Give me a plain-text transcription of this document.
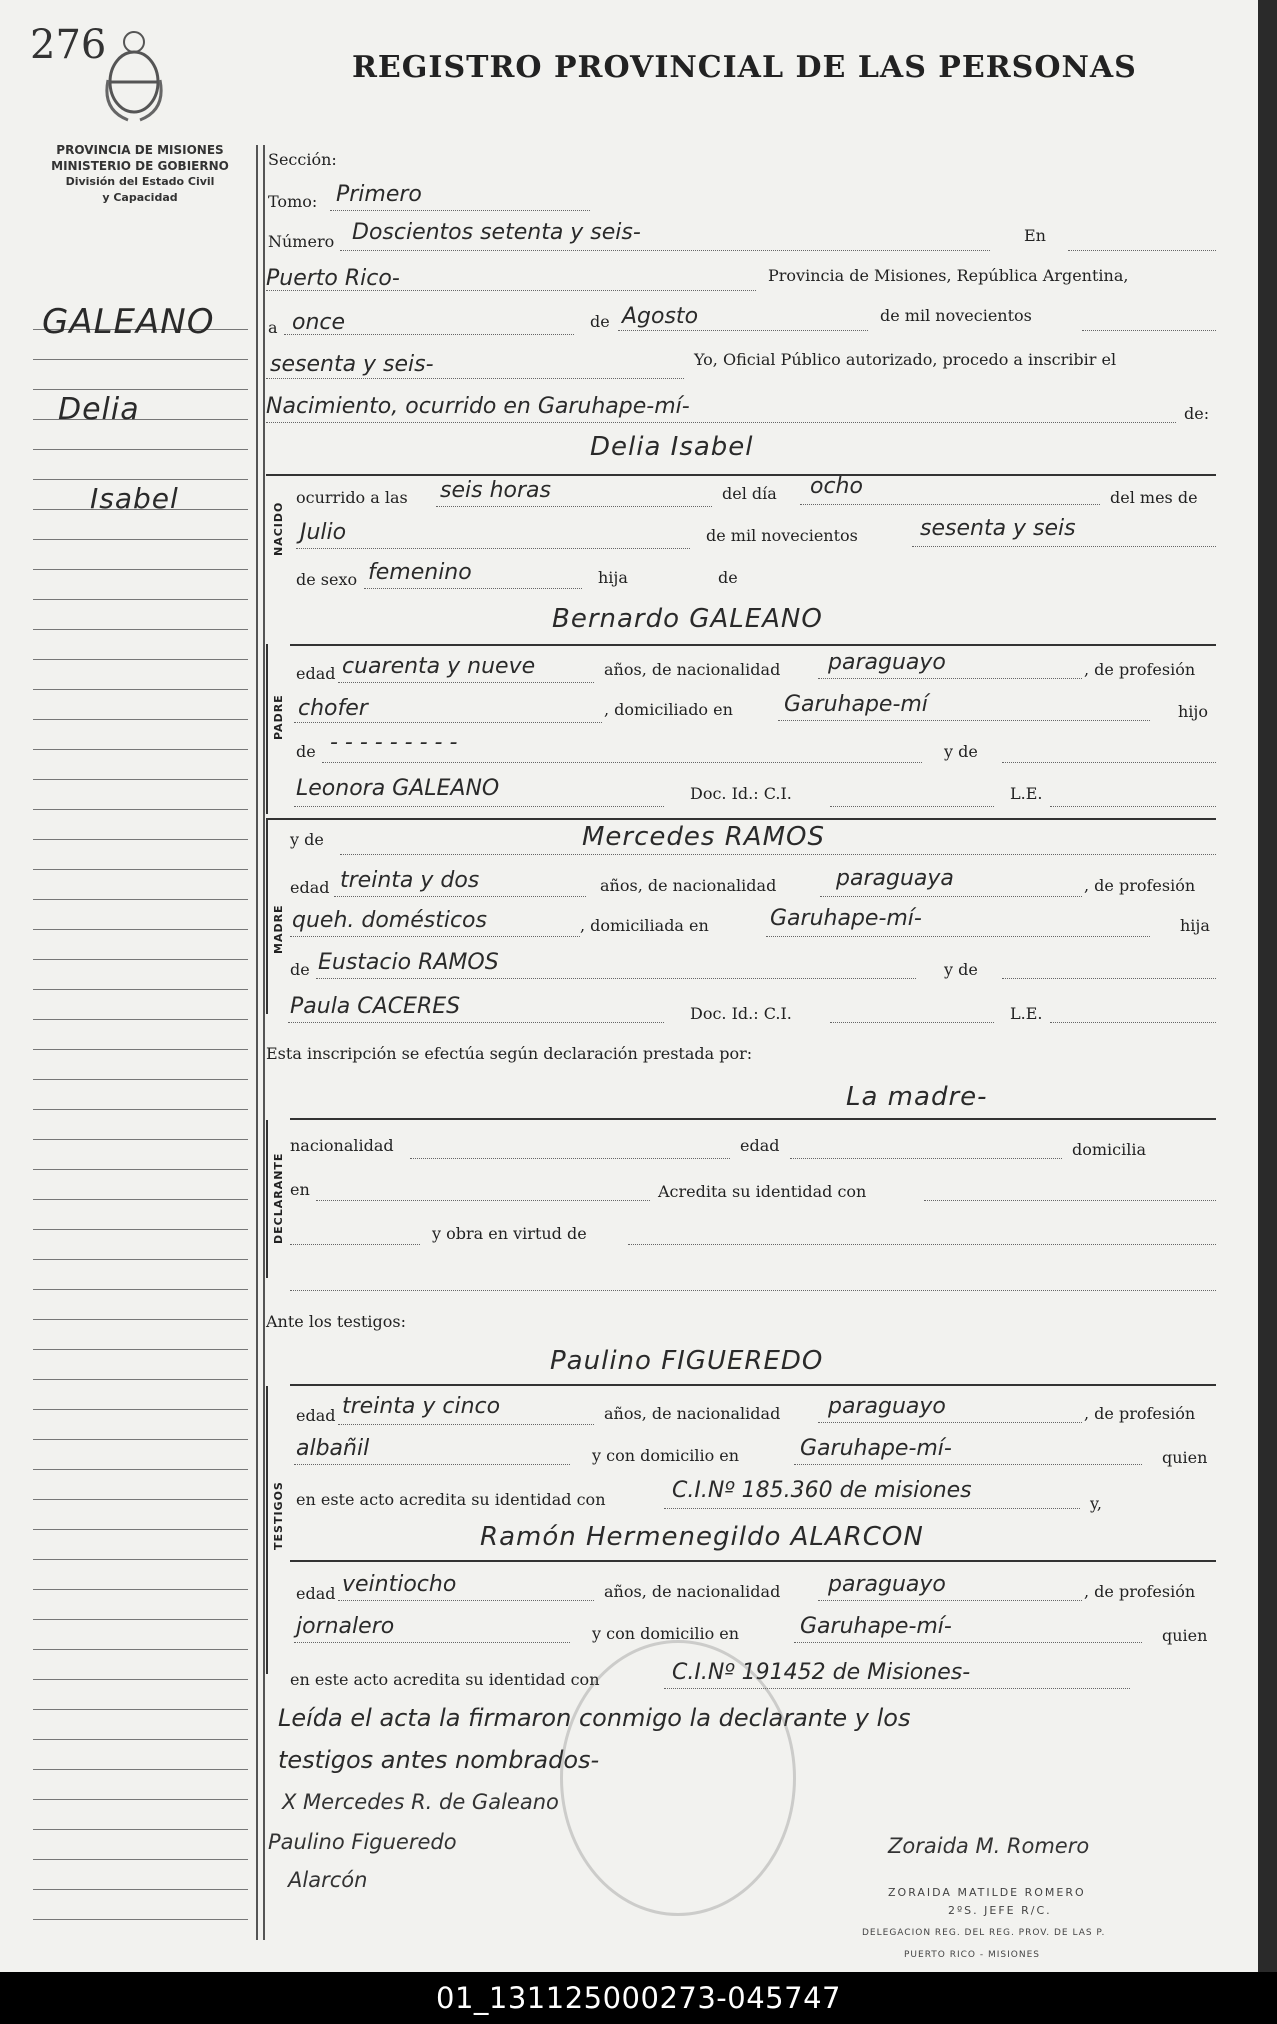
276	REGISTRO PROVINCIAL DE LAS PERSONAS
PROVINCIA DE MISIONES
MINISTERIO DE GOBIERNO
División del Estado Civil
y Capacidad
GALEANO
Delia
Isabel
Sección:
Tomo: Primero
Número Doscientos setenta y seis-	En
Puerto Rico-	Provincia de Misiones, República Argentina,
a once	de Agosto	de mil novecientos
sesenta y seis-	Yo, Oficial Público autorizado, procedo a inscribir el
Nacimiento, ocurrido en Garuhape-mí-	de:
Delia Isabel
NACIDO
ocurrido a las seis horas	del día ocho	del mes de
Julio	de mil novecientos	sesenta y seis
de sexo femenino	hija	de
Bernardo GALEANO
PADRE
edad cuarenta y nueve	años, de nacionalidad paraguayo	, de profesión
chofer	, domiciliado en Garuhape-mí	hijo
de - - - - - - - - -	y de
Leonora GALEANO	Doc. Id.: C.I.	L.E.
y de	Mercedes RAMOS
MADRE
edad treinta y dos	años, de nacionalidad	paraguaya	, de profesión
queh. domésticos	, domiciliada en	Garuhape-mí-	hija
de Eustacio RAMOS	y de
Paula CACERES	Doc. Id.: C.I.	L.E.
Esta inscripción se efectúa según declaración prestada por:
La madre-
DECLARANTE
nacionalidad	edad	domicilia
en	Acredita su identidad con
y obra en virtud de
Ante los testigos:
Paulino FIGUEREDO
TESTIGOS
edad treinta y cinco	años, de nacionalidad paraguayo	, de profesión
albañil	y con domicilio en	Garuhape-mí-	quien
en este acto acredita su identidad con	C.I.Nº 185.360 de misiones
y,
Ramón Hermenegildo ALARCON
edad veintiocho	años, de nacionalidad paraguayo	, de profesión
jornalero	y con domicilio en	Garuhape-mí-	quien
en este acto acredita su identidad con	C.I.Nº 191452 de Misiones-
Leída el acta la firmaron conmigo la declarante y los
testigos antes nombrados-
X Mercedes R. de Galeano
Paulino Figueredo
Alarcón
Zoraida M. Romero
ZORAIDA MATILDE ROMERO
2ºS. JEFE R/C.
DELEGACION REG. DEL REG. PROV. DE LAS P.
PUERTO RICO - MISIONES
01_131125000273-045747
